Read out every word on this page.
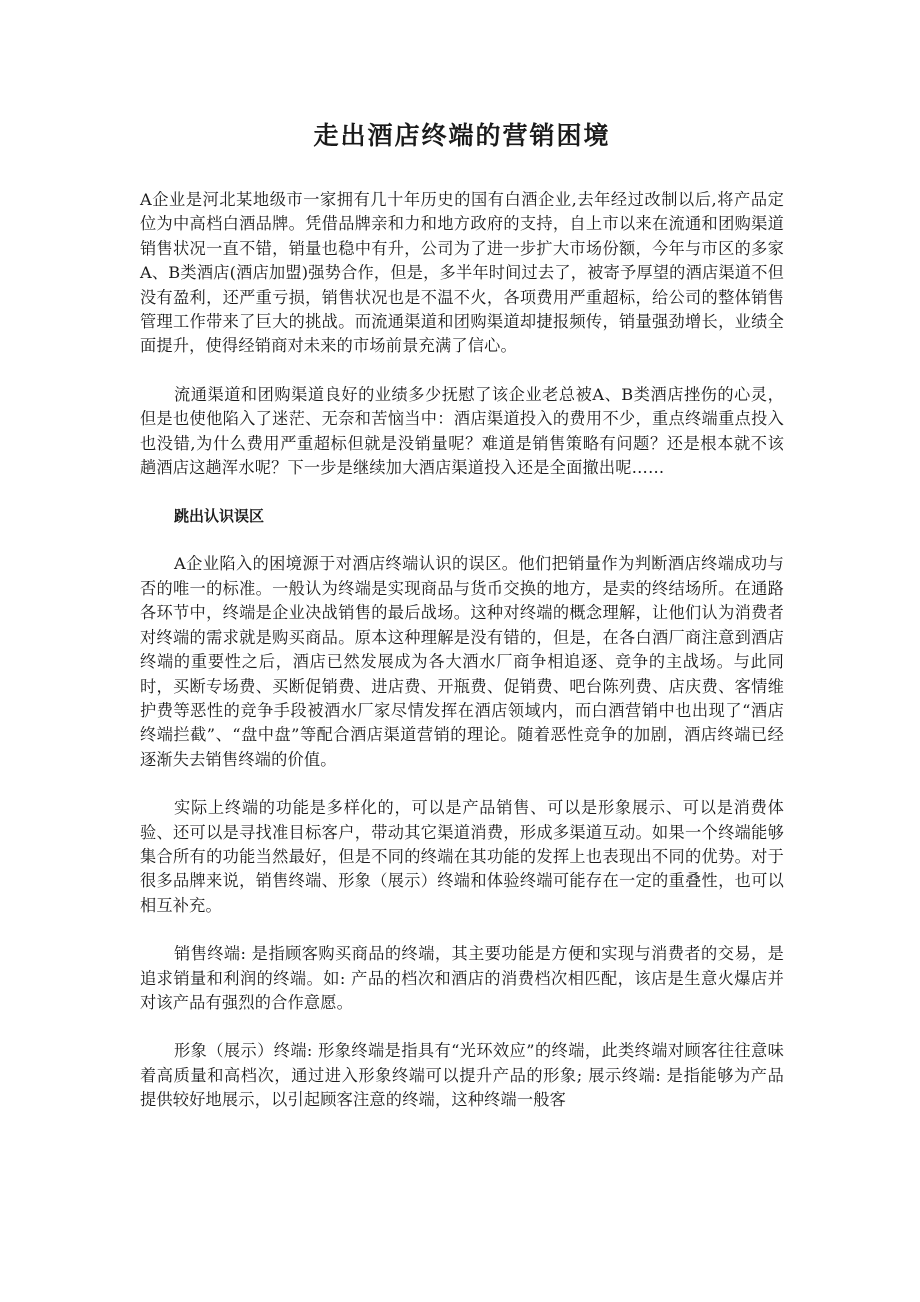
走出酒店终端的营销困境

A企业是河北某地级市一家拥有几十年历史的国有白酒企业,去年经过改制以后,将产品定位为中高档白酒品牌。凭借品牌亲和力和地方政府的支持，自上市以来在流通和团购渠道销售状况一直不错，销量也稳中有升，公司为了进一步扩大市场份额，今年与市区的多家A、B类酒店(酒店加盟)强势合作，但是，多半年时间过去了，被寄予厚望的酒店渠道不但没有盈利，还严重亏损，销售状况也是不温不火，各项费用严重超标，给公司的整体销售管理工作带来了巨大的挑战。而流通渠道和团购渠道却捷报频传，销量强劲增长，业绩全面提升，使得经销商对未来的市场前景充满了信心。

流通渠道和团购渠道良好的业绩多少抚慰了该企业老总被A、B类酒店挫伤的心灵，但是也使他陷入了迷茫、无奈和苦恼当中：酒店渠道投入的费用不少，重点终端重点投入也没错,为什么费用严重超标但就是没销量呢？难道是销售策略有问题？还是根本就不该趟酒店这趟浑水呢？下一步是继续加大酒店渠道投入还是全面撤出呢……

跳出认识误区

A企业陷入的困境源于对酒店终端认识的误区。他们把销量作为判断酒店终端成功与否的唯一的标准。一般认为终端是实现商品与货币交换的地方，是卖的终结场所。在通路各环节中，终端是企业决战销售的最后战场。这种对终端的概念理解，让他们认为消费者对终端的需求就是购买商品。原本这种理解是没有错的，但是，在各白酒厂商注意到酒店终端的重要性之后，酒店已然发展成为各大酒水厂商争相追逐、竞争的主战场。与此同时，买断专场费、买断促销费、进店费、开瓶费、促销费、吧台陈列费、店庆费、客情维护费等恶性的竞争手段被酒水厂家尽情发挥在酒店领域内，而白酒营销中也出现了“酒店终端拦截”、“盘中盘”等配合酒店渠道营销的理论。随着恶性竞争的加剧，酒店终端已经逐渐失去销售终端的价值。

实际上终端的功能是多样化的，可以是产品销售、可以是形象展示、可以是消费体验、还可以是寻找准目标客户，带动其它渠道消费，形成多渠道互动。如果一个终端能够集合所有的功能当然最好，但是不同的终端在其功能的发挥上也表现出不同的优势。对于很多品牌来说，销售终端、形象（展示）终端和体验终端可能存在一定的重叠性，也可以相互补充。

销售终端: 是指顾客购买商品的终端，其主要功能是方便和实现与消费者的交易，是追求销量和利润的终端。如: 产品的档次和酒店的消费档次相匹配，该店是生意火爆店并对该产品有强烈的合作意愿。

形象（展示）终端: 形象终端是指具有“光环效应”的终端，此类终端对顾客往往意味着高质量和高档次，通过进入形象终端可以提升产品的形象; 展示终端: 是指能够为产品提供较好地展示，以引起顾客注意的终端，这种终端一般客
